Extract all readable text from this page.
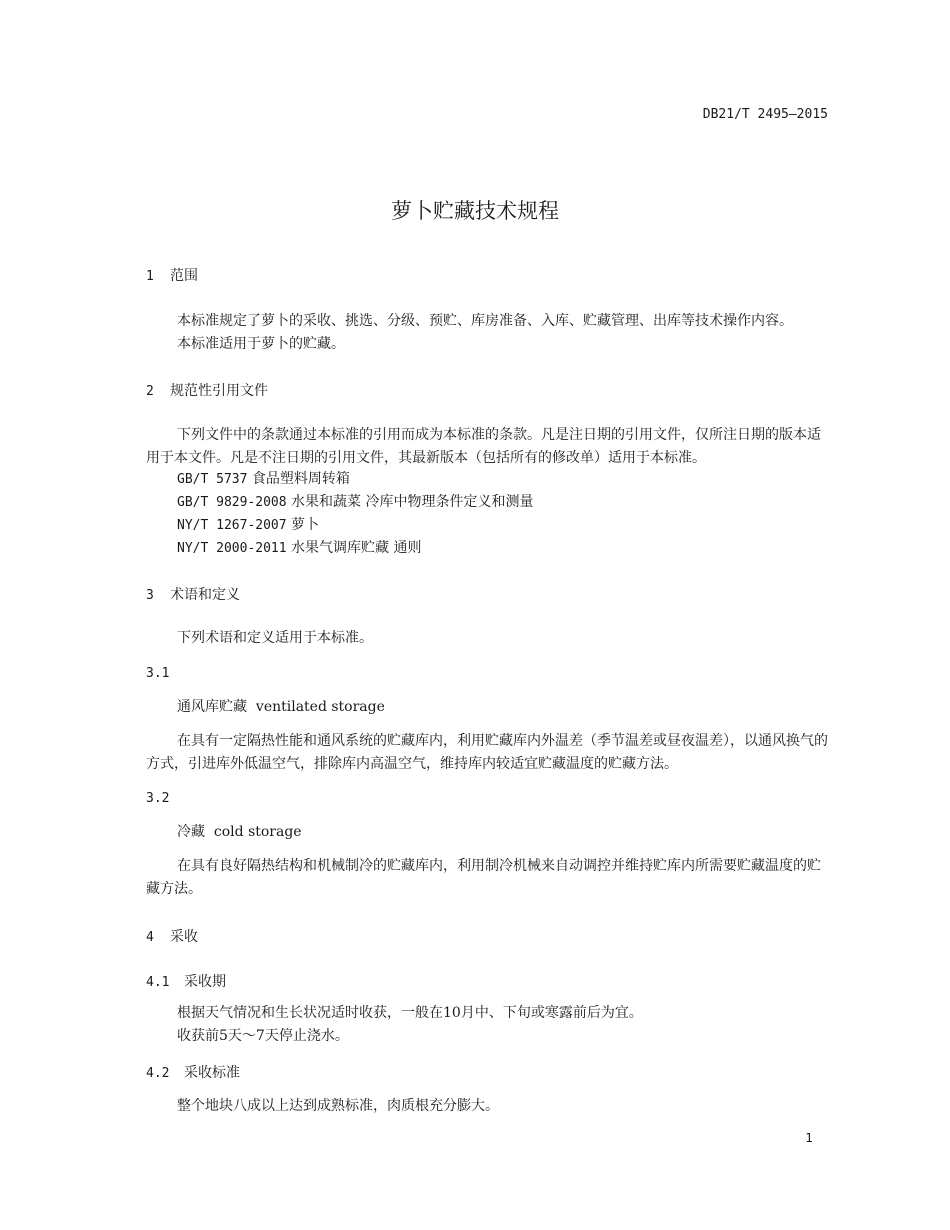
DB21/T 2495—2015
萝卜贮藏技术规程
1 范围
本标准规定了萝卜的采收、挑选、分级、预贮、库房准备、入库、贮藏管理、出库等技术操作内容。
本标准适用于萝卜的贮藏。
2 规范性引用文件
下列文件中的条款通过本标准的引用而成为本标准的条款。凡是注日期的引用文件，仅所注日期的版本适用于本文件。凡是不注日期的引用文件，其最新版本（包括所有的修改单）适用于本标准。
GB/T 5737 食品塑料周转箱
GB/T 9829-2008 水果和蔬菜 冷库中物理条件定义和测量
NY/T 1267-2007 萝卜
NY/T 2000-2011 水果气调库贮藏 通则
3 术语和定义
下列术语和定义适用于本标准。
3.1
通风库贮藏 ventilated storage
在具有一定隔热性能和通风系统的贮藏库内，利用贮藏库内外温差（季节温差或昼夜温差），以通风换气的方式，引进库外低温空气，排除库内高温空气，维持库内较适宜贮藏温度的贮藏方法。
3.2
冷藏 cold storage
在具有良好隔热结构和机械制冷的贮藏库内，利用制冷机械来自动调控并维持贮库内所需要贮藏温度的贮藏方法。
4 采收
4.1 采收期
根据天气情况和生长状况适时收获，一般在10月中、下旬或寒露前后为宜。
收获前5天～7天停止浇水。
4.2 采收标准
整个地块八成以上达到成熟标准，肉质根充分膨大。
1
